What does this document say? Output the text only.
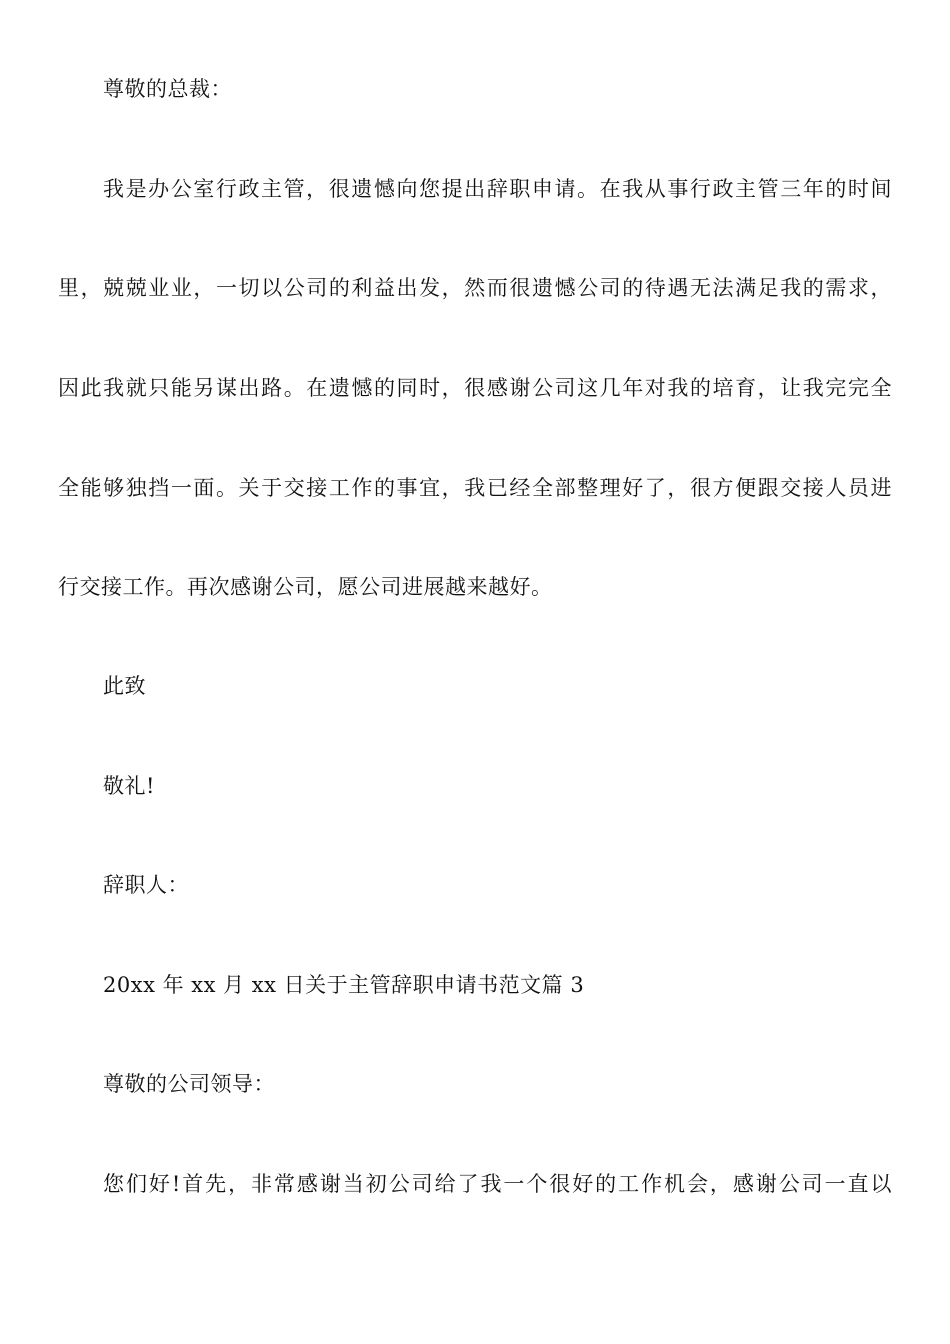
尊敬的总裁：
我是办公室行政主管，很遗憾向您提出辞职申请。在我从事行政主管三年的时间
里，兢兢业业，一切以公司的利益出发，然而很遗憾公司的待遇无法满足我的需求，
因此我就只能另谋出路。在遗憾的同时，很感谢公司这几年对我的培育，让我完完全
全能够独挡一面。关于交接工作的事宜，我已经全部整理好了，很方便跟交接人员进
行交接工作。再次感谢公司，愿公司进展越来越好。
此致
敬礼!
辞职人：
20xx 年 xx 月 xx 日关于主管辞职申请书范文篇 3
尊敬的公司领导：
您们好!首先，非常感谢当初公司给了我一个很好的工作机会，感谢公司一直以
